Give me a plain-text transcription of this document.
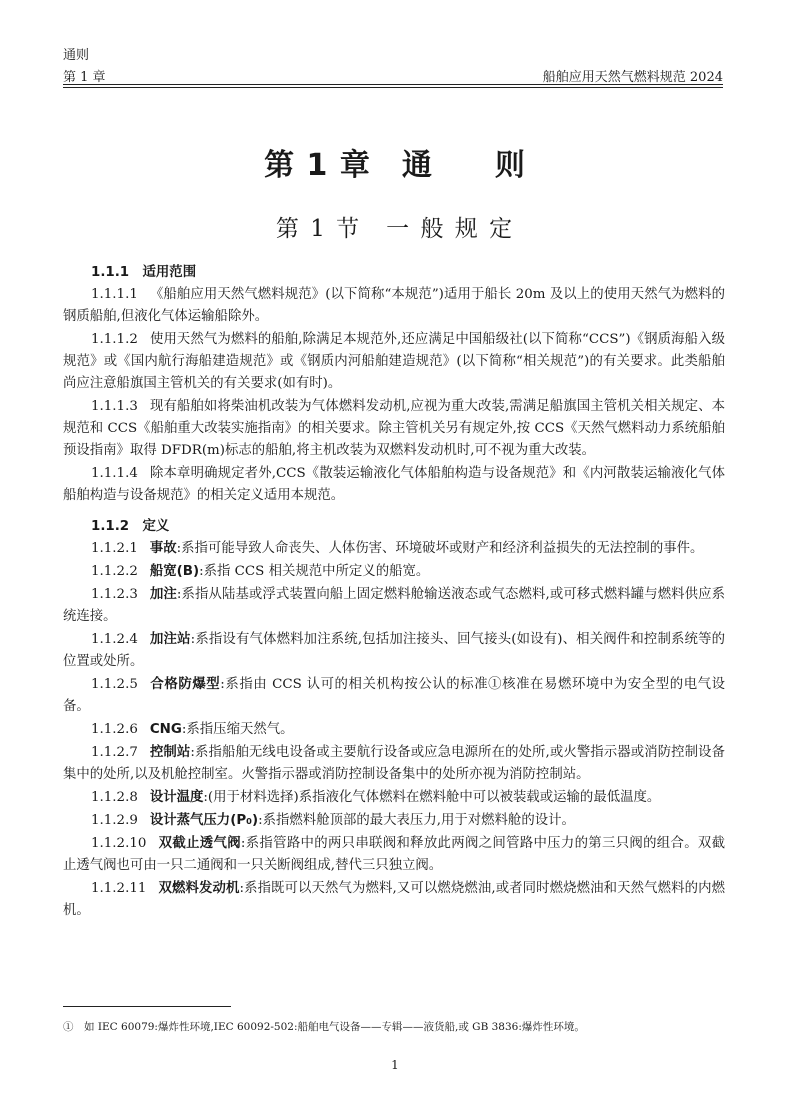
通则
第 1 章	船舶应用天然气燃料规范 2024
第 1 章　通　　则
第 1 节　一 般 规 定

1.1.1　适用范围

1.1.1.1 《船舶应用天然气燃料规范》(以下简称“本规范”)适用于船长 20m 及以上的使用天然气为燃料的钢质船舶,但液化气体运输船除外。

1.1.1.2 使用天然气为燃料的船舶,除满足本规范外,还应满足中国船级社(以下简称“CCS”)《钢质海船入级规范》或《国内航行海船建造规范》或《钢质内河船舶建造规范》(以下简称“相关规范”)的有关要求。此类船舶尚应注意船旗国主管机关的有关要求(如有时)。

1.1.1.3 现有船舶如将柴油机改装为气体燃料发动机,应视为重大改装,需满足船旗国主管机关相关规定、本规范和 CCS《船舶重大改装实施指南》的相关要求。除主管机关另有规定外,按 CCS《天然气燃料动力系统船舶预设指南》取得 DFDR(m)标志的船舶,将主机改装为双燃料发动机时,可不视为重大改装。

1.1.1.4 除本章明确规定者外,CCS《散装运输液化气体船舶构造与设备规范》和《内河散装运输液化气体船舶构造与设备规范》的相关定义适用本规范。

1.1.2　定义

1.1.2.1 事故:系指可能导致人命丧失、人体伤害、环境破坏或财产和经济利益损失的无法控制的事件。

1.1.2.2 船宽(B):系指 CCS 相关规范中所定义的船宽。

1.1.2.3 加注:系指从陆基或浮式装置向船上固定燃料舱输送液态或气态燃料,或可移式燃料罐与燃料供应系统连接。

1.1.2.4 加注站:系指设有气体燃料加注系统,包括加注接头、回气接头(如设有)、相关阀件和控制系统等的位置或处所。

1.1.2.5 合格防爆型:系指由 CCS 认可的相关机构按公认的标准①核准在易燃环境中为安全型的电气设备。

1.1.2.6 CNG:系指压缩天然气。

1.1.2.7 控制站:系指船舶无线电设备或主要航行设备或应急电源所在的处所,或火警指示器或消防控制设备集中的处所,以及机舱控制室。火警指示器或消防控制设备集中的处所亦视为消防控制站。

1.1.2.8 设计温度:(用于材料选择)系指液化气体燃料在燃料舱中可以被装载或运输的最低温度。

1.1.2.9 设计蒸气压力(P₀):系指燃料舱顶部的最大表压力,用于对燃料舱的设计。

1.1.2.10 双截止透气阀:系指管路中的两只串联阀和释放此两阀之间管路中压力的第三只阀的组合。双截止透气阀也可由一只二通阀和一只关断阀组成,替代三只独立阀。

1.1.2.11 双燃料发动机:系指既可以天然气为燃料,又可以燃烧燃油,或者同时燃烧燃油和天然气燃料的内燃机。

①　如 IEC 60079:爆炸性环境,IEC 60092-502:船舶电气设备——专辑——液货船,或 GB 3836:爆炸性环境。
1
